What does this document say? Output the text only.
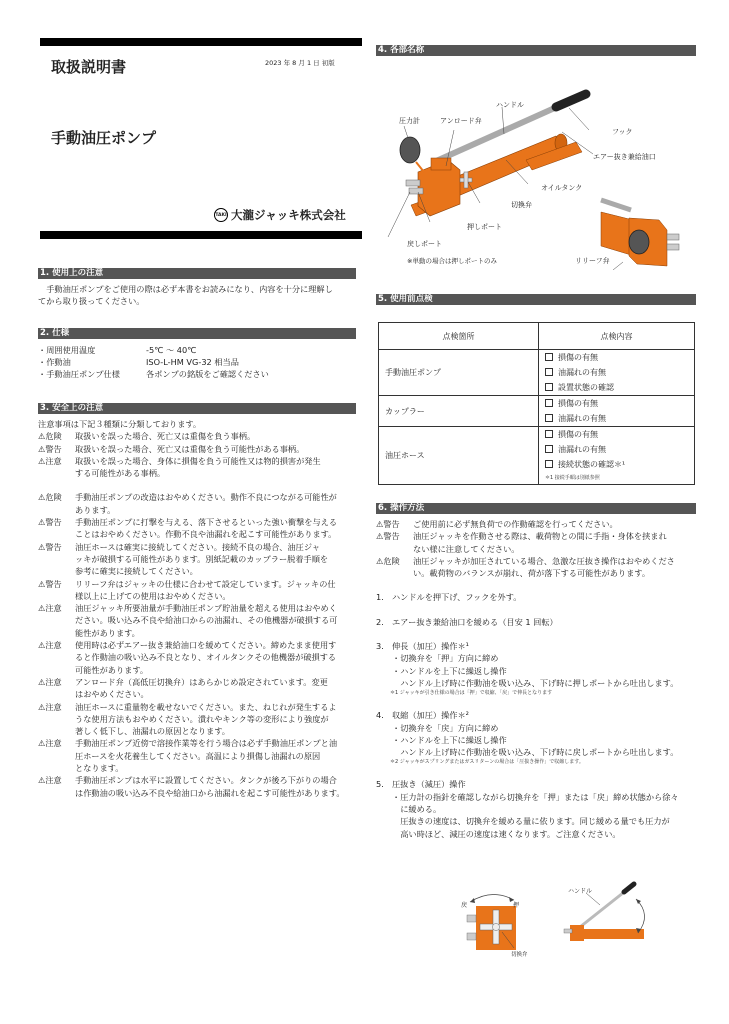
取扱説明書	2023 年 8 月 1 日 初版
手動油圧ポンプ
TAKI 大瀧ジャッキ株式会社
1. 使用上の注意
　手動油圧ポンプをご使用の際は必ず本書をお読みになり、内容を十分に理解し
てから取り扱ってください。
2. 仕様
・周囲使用温度	-5℃ ～ 40℃
・作動油	ISO-L-HM VG-32 相当品
・手動油圧ポンプ仕様	各ポンプの銘版をご確認ください
3. 安全上の注意
注意事項は下記３種類に分類しております。
⚠危険	取扱いを誤った場合、死亡又は重傷を負う事柄。
⚠警告	取扱いを誤った場合、死亡又は重傷を負う可能性がある事柄。
⚠注意	取扱いを誤った場合、身体に損傷を負う可能性又は物的損害が発生
する可能性がある事柄。
⚠危険	手動油圧ポンプの改造はおやめください。動作不良につながる可能性が
あります。
⚠警告	手動油圧ポンプに打撃を与える、落下させるといった強い衝撃を与える
ことはおやめください。作動不良や油漏れを起こす可能性があります。
⚠警告	油圧ホースは確実に接続してください。接続不良の場合、油圧ジャ
ッキが破損する可能性があります。別紙記載のカップラー脱着手順を
参考に確実に接続してください。
⚠警告	リリーフ弁はジャッキの仕様に合わせて設定しています。ジャッキの仕
様以上に上げての使用はおやめください。
⚠注意	油圧ジャッキ所要油量が手動油圧ポンプ貯油量を超える使用はおやめく
ださい。吸い込み不良や給油口からの油漏れ、その他機器が破損する可
能性があります。
⚠注意	使用時は必ずエアー抜き兼給油口を緩めてください。締めたまま使用す
ると作動油の吸い込み不良となり、オイルタンクその他機器が破損する
可能性があります。
⚠注意	アンロード弁（高低圧切換弁）はあらかじめ設定されています。変更
はおやめください。
⚠注意	油圧ホースに重量物を載せないでください。また、ねじれが発生するよ
うな使用方法もおやめください。潰れやキンク等の変形により強度が
著しく低下し、油漏れの原因となります。
⚠注意	手動油圧ポンプ近傍で溶接作業等を行う場合は必ず手動油圧ポンプと油
圧ホースを火花養生してください。高温により損傷し油漏れの原因
となります。
⚠注意	手動油圧ポンプは水平に設置してください。タンクが後ろ下がりの場合
は作動油の吸い込み不良や給油口から油漏れを起こす可能性があります。
4. 各部名称
圧力計	アンロード弁
ハンドル
フック
エアー抜き兼給油口
オイルタンク
切換弁
押しポート
戻しポート
※単動の場合は押しポートのみ	リリーフ弁
5. 使用前点検
点検箇所	点検内容
手動油圧ポンプ	損傷の有無
油漏れの有無
設置状態の確認

カップラー	損傷の有無
油漏れの有無

油圧ホース	損傷の有無
油漏れの有無
接続状態の確認＊¹
＊1 接続手順は別紙参照
6. 操作方法
⚠警告	ご使用前に必ず無負荷での作動確認を行ってください。
⚠警告	油圧ジャッキを作動させる際は、載荷物との間に手指・身体を挟まれ
ない様に注意してください。
⚠危険	油圧ジャッキが加圧されている場合、急激な圧抜き操作はおやめくださ
い。載荷物のバランスが崩れ、荷が落下する可能性があります。
1.　ハンドルを押下げ、フックを外す。
2.　エアー抜き兼給油口を緩める（目安 1 回転）
3.　伸長（加圧）操作＊¹
・切換弁を「押」方向に締め
・ハンドルを上下に繰返し操作
　ハンドル上げ時に作動油を吸い込み、下げ時に押しポートから吐出します。
＊1 ジャッキが引き仕様の場合は「押」で収縮、「戻」で伸長となります
4.　収縮（加圧）操作＊²
・切換弁を「戻」方向に締め
・ハンドルを上下に繰返し操作
　ハンドル上げ時に作動油を吸い込み、下げ時に戻しポートから吐出します。
＊2 ジャッキがスプリングまたはガスリターンの場合は「圧抜き操作」で収縮します。
5.　圧抜き（減圧）操作
・圧力計の指針を確認しながら切換弁を「押」または「戻」締め状態から徐々
　に緩める。
　圧抜きの速度は、切換弁を緩める量に依ります。同じ緩める量でも圧力が
　高い時ほど、減圧の速度は速くなります。ご注意ください。
戻	押
切換弁
ハンドル
